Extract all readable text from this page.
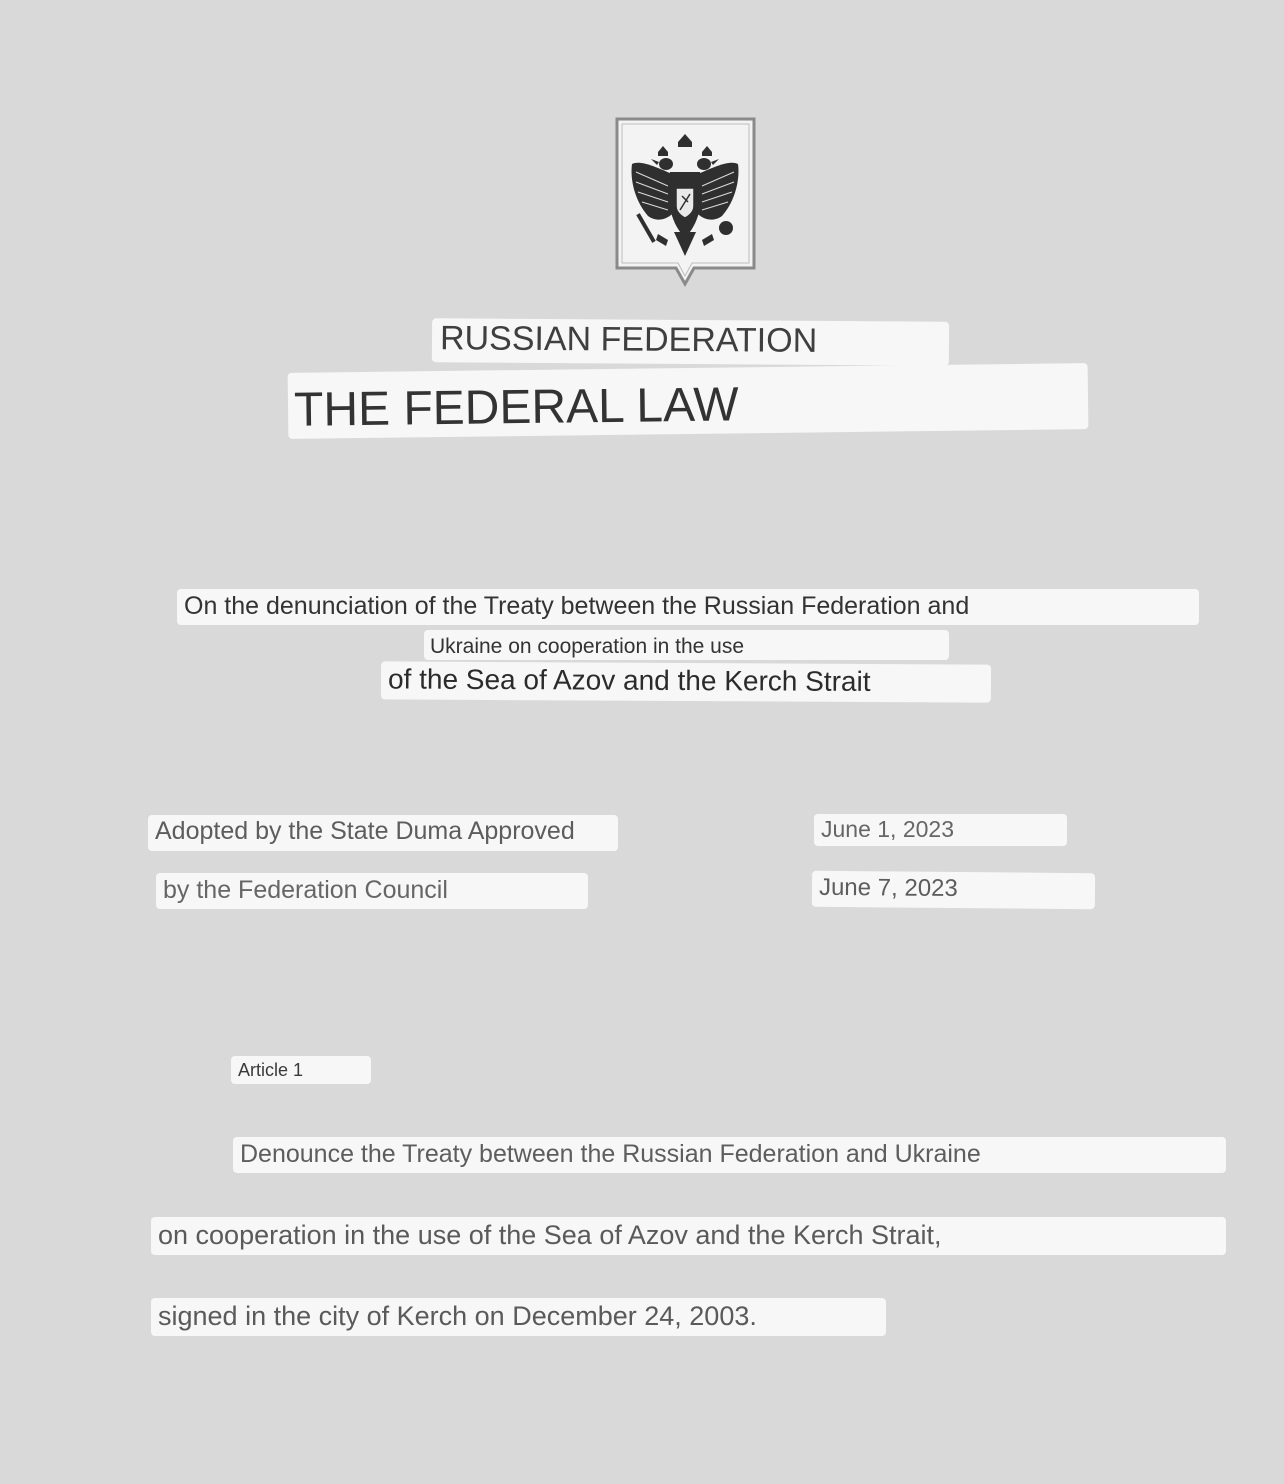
RUSSIAN FEDERATION
THE FEDERAL LAW
On the denunciation of the Treaty between the Russian Federation and
Ukraine on cooperation in the use
of the Sea of Azov and the Kerch Strait
Adopted by the State Duma Approved	June 1, 2023
by the Federation Council	June 7, 2023
Article 1
Denounce the Treaty between the Russian Federation and Ukraine
on cooperation in the use of the Sea of Azov and the Kerch Strait,
signed in the city of Kerch on December 24, 2003.
